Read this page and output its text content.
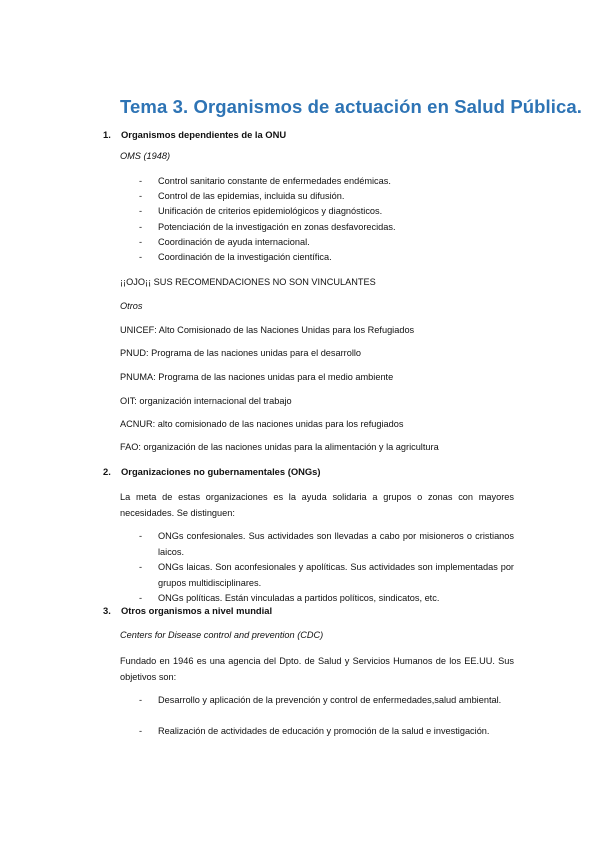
Tema 3. Organismos de actuación en Salud Pública.
1. Organismos dependientes de la ONU
OMS (1948)
- Control sanitario constante de enfermedades endémicas.
- Control de las epidemias, incluida su difusión.
- Unificación de criterios epidemiológicos y diagnósticos.
- Potenciación de la investigación en zonas desfavorecidas.
- Coordinación de ayuda internacional.
- Coordinación de la investigación científica.
¡¡OJO¡¡ SUS RECOMENDACIONES NO SON VINCULANTES
Otros
UNICEF: Alto Comisionado de las Naciones Unidas para los Refugiados
PNUD: Programa de las naciones unidas para el desarrollo
PNUMA: Programa de las naciones unidas para el medio ambiente
OIT: organización internacional del trabajo
ACNUR: alto comisionado de las naciones unidas para los refugiados
FAO: organización de las naciones unidas para la alimentación y la agricultura
2. Organizaciones no gubernamentales (ONGs)
La meta de estas organizaciones es la ayuda solidaria a grupos o zonas con mayores necesidades. Se distinguen:
- ONGs confesionales. Sus actividades son llevadas a cabo por misioneros o cristianos laicos.
- ONGs laicas. Son aconfesionales y apolíticas. Sus actividades son implementadas por grupos multidisciplinares.
- ONGs políticas. Están vinculadas a partidos políticos, sindicatos, etc.
3. Otros organismos a nivel mundial
Centers for Disease control and prevention (CDC)
Fundado en 1946 es una agencia del Dpto. de Salud y Servicios Humanos de los EE.UU. Sus objetivos son:
- Desarrollo y aplicación de la prevención y control de enfermedades,salud ambiental.
- Realización de actividades de educación y promoción de la salud e investigación.
